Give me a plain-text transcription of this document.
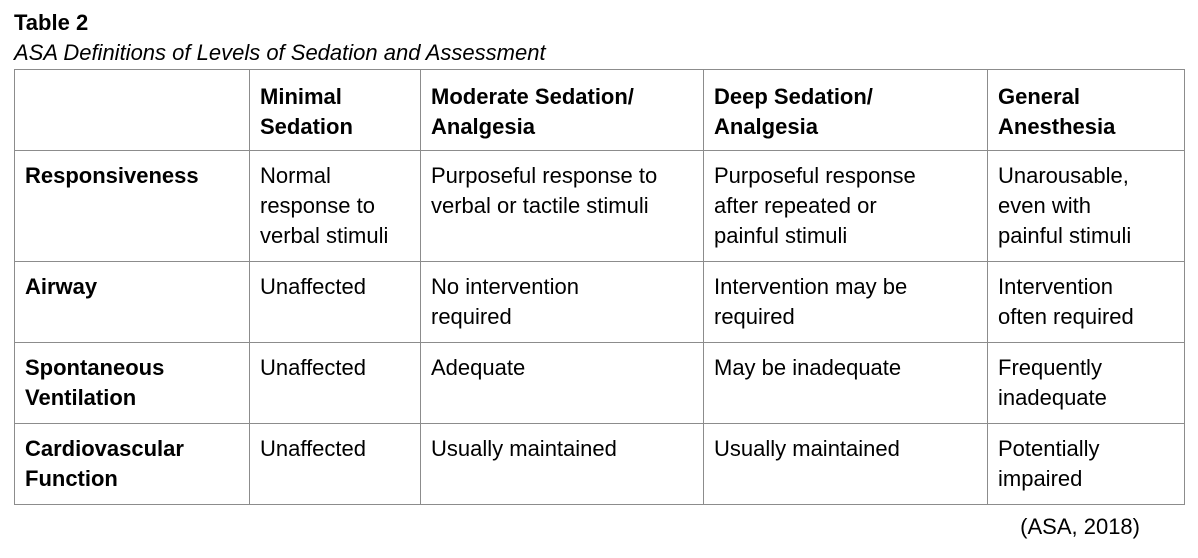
Table 2

ASA Definitions of Levels of Sedation and Assessment

	Minimal
Sedation	Moderate Sedation/
Analgesia	Deep Sedation/
Analgesia	General
Anesthesia

Responsiveness	Normal
response to
verbal stimuli	Purposeful response to
verbal or tactile stimuli	Purposeful response
after repeated or
painful stimuli	Unarousable,
even with
painful stimuli

Airway	Unaffected	No intervention
required	Intervention may be
required	Intervention
often required

Spontaneous
Ventilation	Unaffected	Adequate	May be inadequate	Frequently
inadequate

Cardiovascular
Function	Unaffected	Usually maintained	Usually maintained	Potentially
impaired
(ASA, 2018)
